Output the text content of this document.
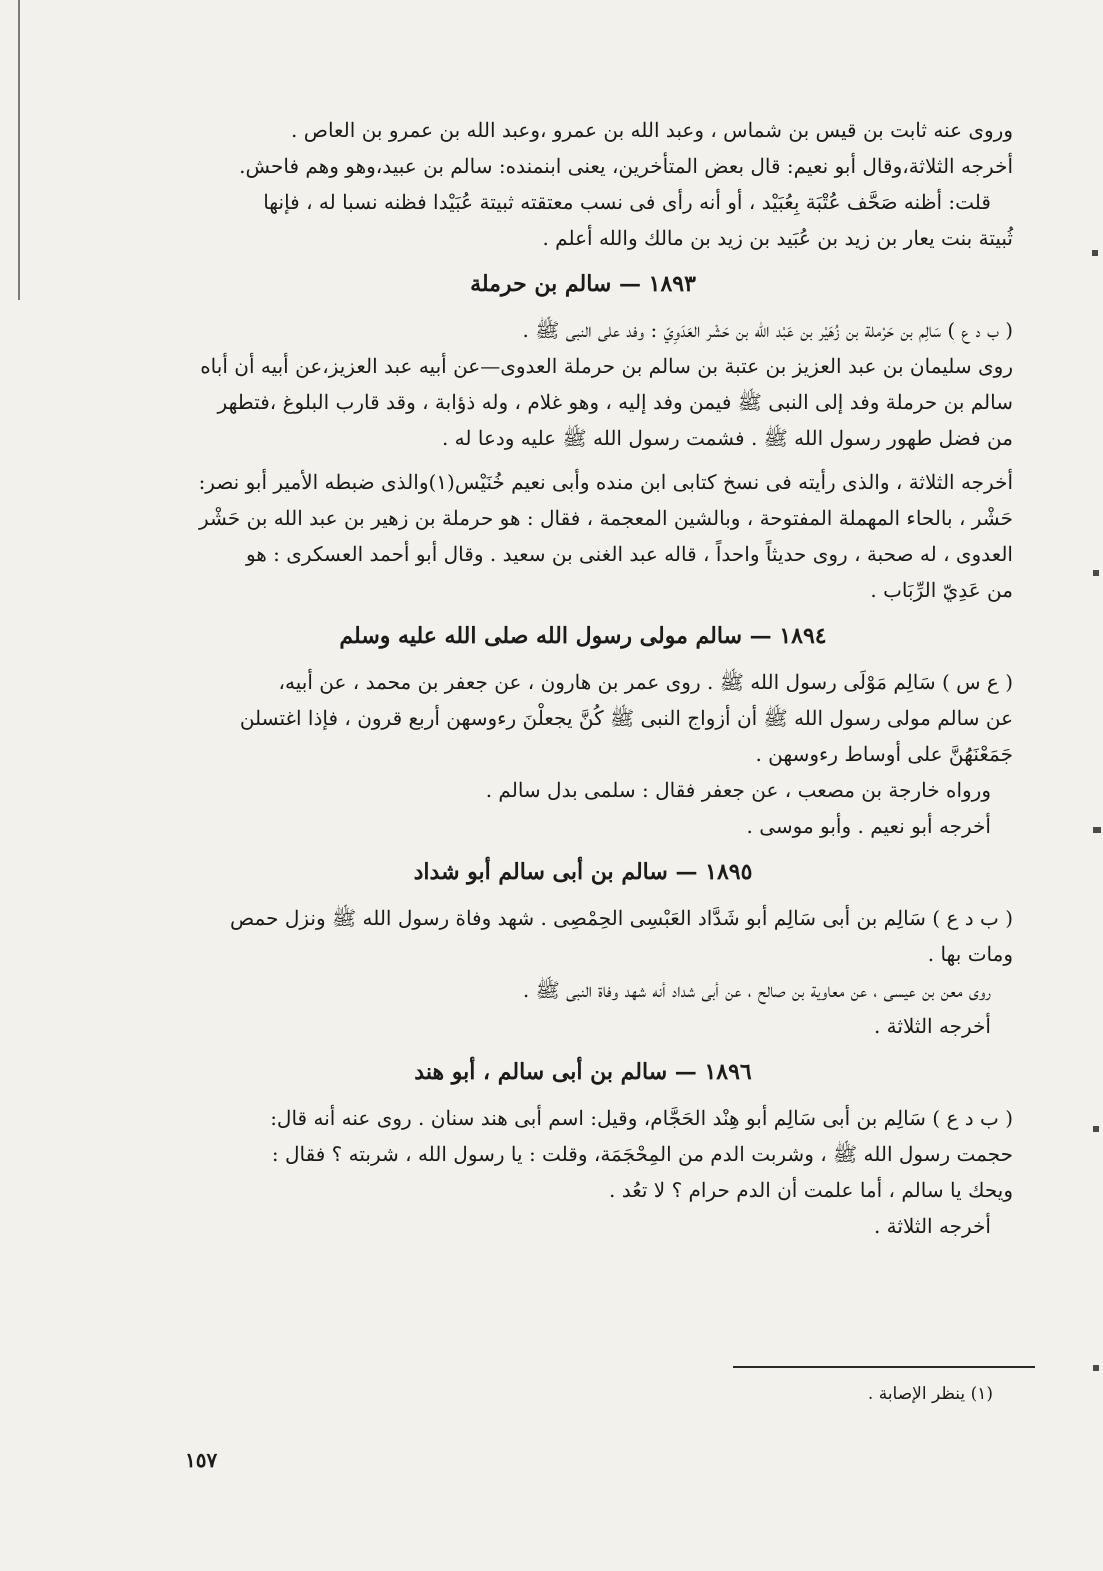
وروى عنه ثابت بن قيس بن شماس ، وعبد الله بن عمرو ،وعبد الله بن عمرو بن العاص .

أخرجه الثلاثة،وقال أبو نعيم: قال بعض المتأخرين، يعنى ابنمنده: سالم بن عبيد،وهو وهم فاحش.

قلت: أظنه صَحَّف عُتْبَة بِعُبَيْد ، أو أنه رأى فى نسب معتقته ثبيتة عُبَيْدا فظنه نسبا له ، فإنها

ثُبيتة بنت يعار بن زيد بن عُبَيد بن زيد بن مالك والله أعلم .

١٨٩٣ — سالم بن حرملة

( ب د ع ) سَالِم بن حَرْملة بن زُهَيْر بن عَبْد الله بن حَشْر العَدَوِيّ : وفد على النبى ﷺ .

روى سليمان بن عبد العزيز بن عتبة بن سالم بن حرملة العدوى—عن أبيه عبد العزيز،عن أبيه أن أباه

سالم بن حرملة وفد إلى النبى ﷺ فيمن وفد إليه ، وهو غلام ، وله ذؤابة ، وقد قارب البلوغ ،فتطهر

من فضل طهور رسول الله ﷺ . فشمت رسول الله ﷺ عليه ودعا له .

أخرجه الثلاثة ، والذى رأيته فى نسخ كتابى ابن منده وأبى نعيم خُنَيْس(١)والذى ضبطه الأمير أبو نصر:

حَشْر ، بالحاء المهملة المفتوحة ، وبالشين المعجمة ، فقال : هو حرملة بن زهير بن عبد الله بن حَشْر

العدوى ، له صحبة ، روى حديثاً واحداً ، قاله عبد الغنى بن سعيد . وقال أبو أحمد العسكرى : هو

من عَدِيّ الرِّبَاب .

١٨٩٤ — سالم مولى رسول الله صلى الله عليه وسلم

( ع س ) سَالِم مَوْلَى رسول الله ﷺ . روى عمر بن هارون ، عن جعفر بن محمد ، عن أبيه،

عن سالم مولى رسول الله ﷺ أن أزواج النبى ﷺ كُنَّ يجعلْنَ رءوسهن أربع قرون ، فإذا اغتسلن

جَمَعْنَهُنَّ على أوساط رءوسهن .

ورواه خارجة بن مصعب ، عن جعفر فقال : سلمى بدل سالم .

أخرجه أبو نعيم . وأبو موسى .

١٨٩٥ — سالم بن أبى سالم أبو شداد

( ب د ع ) سَالِم بن أبى سَالِم أبو شَدَّاد العَبْسِى الحِمْصِى . شهد وفاة رسول الله ﷺ ونزل حمص

ومات بها .

روى معن بن عيسى ، عن معاوية بن صالح ، عن أبى شداد أنه شهد وفاة النبى ﷺ .

أخرجه الثلاثة .

١٨٩٦ — سالم بن أبى سالم ، أبو هند

( ب د ع ) سَالِم بن أبى سَالِم أبو هِنْد الحَجَّام، وقيل: اسم أبى هند سنان . روى عنه أنه قال:

حجمت رسول الله ﷺ ، وشربت الدم من المِحْجَمَة، وقلت : يا رسول الله ، شربته ؟ فقال :

ويحك يا سالم ، أما علمت أن الدم حرام ؟ لا تعُد .

أخرجه الثلاثة .

(١) ينظر الإصابة .
١٥٧
